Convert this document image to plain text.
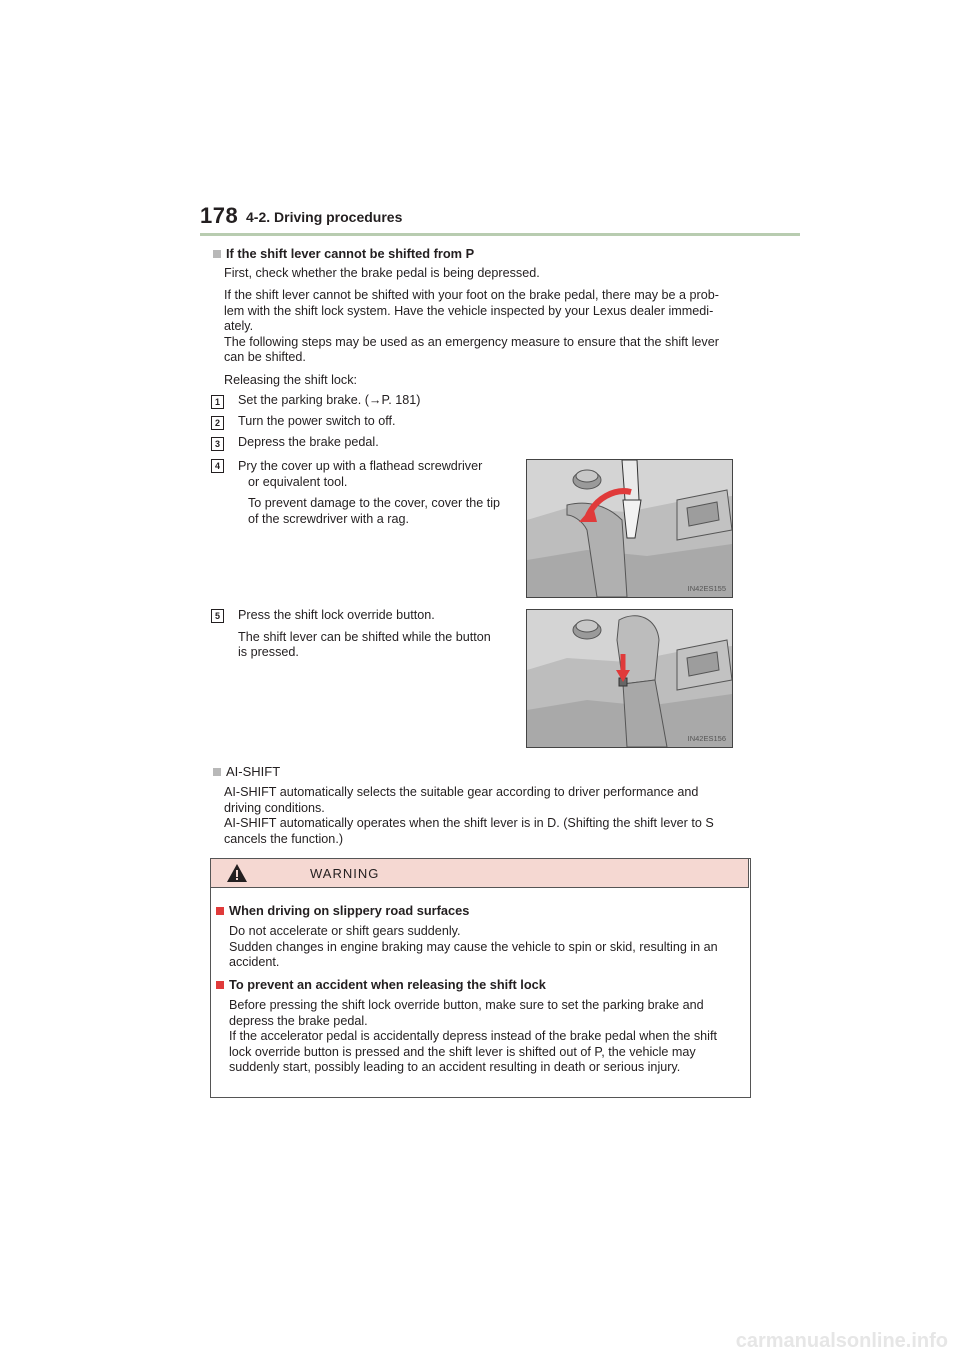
178 4-2. Driving procedures
If the shift lever cannot be shifted from P
First, check whether the brake pedal is being depressed.
If the shift lever cannot be shifted with your foot on the brake pedal, there may be a prob-
lem with the shift lock system. Have the vehicle inspected by your Lexus dealer immedi-
ately.
The following steps may be used as an emergency measure to ensure that the shift lever
can be shifted.
Releasing the shift lock:
1	Set the parking brake. (→P. 181)
2	Turn the power switch to off.
3	Depress the brake pedal.
4	Pry the cover up with a flathead screwdriver
or equivalent tool.
To prevent damage to the cover, cover the tip
of the screwdriver with a rag.
IN42ES155
5	Press the shift lock override button.
The shift lever can be shifted while the button
is pressed.
IN42ES156
AI-SHIFT
AI-SHIFT automatically selects the suitable gear according to driver performance and
driving conditions.
AI-SHIFT automatically operates when the shift lever is in D. (Shifting the shift lever to S
cancels the function.)
WARNING
When driving on slippery road surfaces
Do not accelerate or shift gears suddenly.
Sudden changes in engine braking may cause the vehicle to spin or skid, resulting in an
accident.
To prevent an accident when releasing the shift lock
Before pressing the shift lock override button, make sure to set the parking brake and
depress the brake pedal.
If the accelerator pedal is accidentally depress instead of the brake pedal when the shift
lock override button is pressed and the shift lever is shifted out of P, the vehicle may
suddenly start, possibly leading to an accident resulting in death or serious injury.
carmanualsonline.info
